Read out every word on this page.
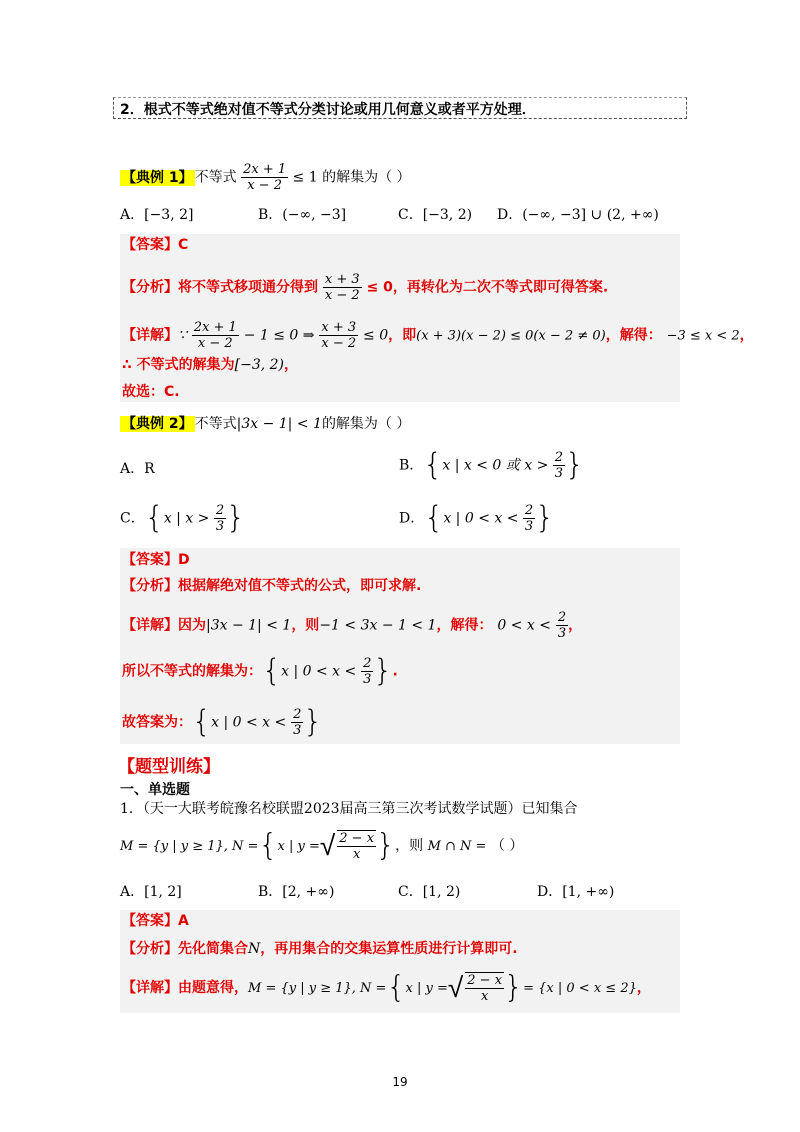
2．根式不等式绝对值不等式分类讨论或用几何意义或者平方处理．
【典例 1】 不等式 $\frac{2x + 1}{x - 2} \le 1$ 的解集为（ ）
A．[−3, 2]	B．(−∞, −3]	C．[−3, 2) D．(−∞, −3] ∪ (2, +∞)
【答案】C
【分析】将不等式移项通分得到 $\frac{x + 3}{x - 2} \le 0$，再转化为二次不等式即可得答案.
【详解】∵ $\frac{2x + 1}{x - 2} - 1 \le 0$ ⇒ $\frac{x + 3}{x - 2} \le 0$，即(x + 3)(x − 2) ≤ 0(x − 2 ≠ 0)，解得： −3 ≤ x < 2，
∴ 不等式的解集为[−3, 2)，
故选：C.
【典例 2】 不等式|3x − 1| < 1的解集为（ ）
A．R	B．{x | x < 0 或 $x > \frac{2}{3}$ }
C．{x | $x > \frac{2}{3}$ }	D．{x | $0 < x < \frac{2}{3}$ }
【答案】D
【分析】根据解绝对值不等式的公式，即可求解.
【详解】因为|3x − 1| < 1，则−1 < 3x − 1 < 1，解得： $0 < x < \frac{2}{3}$ ，
所以不等式的解集为：{x | $0 < x < \frac{2}{3}$ }.
故答案为：{x | $0 < x < \frac{2}{3}$ }
【题型训练】
一、单选题
1．（天一大联考皖豫名校联盟2023届高三第三次考试数学试题）已知集合
M = {y | y ≥ 1}, N ={x | y =√ $\frac{2 - x}{x}$ }，则 M ∩ N = （ ）
A．[1, 2]	B．[2, +∞)	C．[1, 2)	D．[1, +∞)
【答案】A
【分析】先化简集合N，再用集合的交集运算性质进行计算即可.
【详解】由题意得，M = {y | y ≥ 1}, N ={x | y =√ $\frac{2 - x}{x}$ }= {x | 0 < x ≤ 2}，
19
